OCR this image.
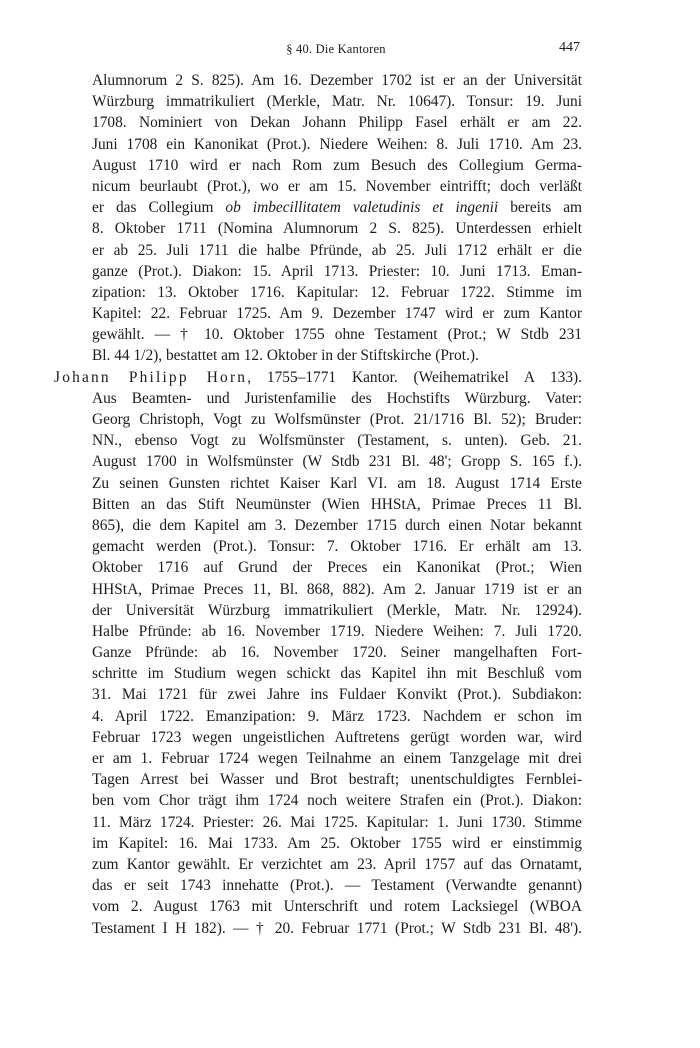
§ 40. Die Kantoren	447
Alumnorum 2 S. 825). Am 16. Dezember 1702 ist er an der Universität
Würzburg immatrikuliert (Merkle, Matr. Nr. 10647). Tonsur: 19. Juni
1708. Nominiert von Dekan Johann Philipp Fasel erhält er am 22.
Juni 1708 ein Kanonikat (Prot.). Niedere Weihen: 8. Juli 1710. Am 23.
August 1710 wird er nach Rom zum Besuch des Collegium Germa-
nicum beurlaubt (Prot.), wo er am 15. November eintrifft; doch verläßt
er das Collegium ob imbecillitatem valetudinis et ingenii bereits am
8. Oktober 1711 (Nomina Alumnorum 2 S. 825). Unterdessen erhielt
er ab 25. Juli 1711 die halbe Pfründe, ab 25. Juli 1712 erhält er die
ganze (Prot.). Diakon: 15. April 1713. Priester: 10. Juni 1713. Eman-
zipation: 13. Oktober 1716. Kapitular: 12. Februar 1722. Stimme im
Kapitel: 22. Februar 1725. Am 9. Dezember 1747 wird er zum Kantor
gewählt. — † 10. Oktober 1755 ohne Testament (Prot.; W Stdb 231
Bl. 44 1/2), bestattet am 12. Oktober in der Stiftskirche (Prot.).
Johann Philipp Horn, 1755–1771 Kantor. (Weihematrikel A 133).
Aus Beamten- und Juristenfamilie des Hochstifts Würzburg. Vater:
Georg Christoph, Vogt zu Wolfsmünster (Prot. 21/1716 Bl. 52); Bruder:
NN., ebenso Vogt zu Wolfsmünster (Testament, s. unten). Geb. 21.
August 1700 in Wolfsmünster (W Stdb 231 Bl. 48'; Gropp S. 165 f.).
Zu seinen Gunsten richtet Kaiser Karl VI. am 18. August 1714 Erste
Bitten an das Stift Neumünster (Wien HHStA, Primae Preces 11 Bl.
865), die dem Kapitel am 3. Dezember 1715 durch einen Notar bekannt
gemacht werden (Prot.). Tonsur: 7. Oktober 1716. Er erhält am 13.
Oktober 1716 auf Grund der Preces ein Kanonikat (Prot.; Wien
HHStA, Primae Preces 11, Bl. 868, 882). Am 2. Januar 1719 ist er an
der Universität Würzburg immatrikuliert (Merkle, Matr. Nr. 12924).
Halbe Pfründe: ab 16. November 1719. Niedere Weihen: 7. Juli 1720.
Ganze Pfründe: ab 16. November 1720. Seiner mangelhaften Fort-
schritte im Studium wegen schickt das Kapitel ihn mit Beschluß vom
31. Mai 1721 für zwei Jahre ins Fuldaer Konvikt (Prot.). Subdiakon:
4. April 1722. Emanzipation: 9. März 1723. Nachdem er schon im
Februar 1723 wegen ungeistlichen Auftretens gerügt worden war, wird
er am 1. Februar 1724 wegen Teilnahme an einem Tanzgelage mit drei
Tagen Arrest bei Wasser und Brot bestraft; unentschuldigtes Fernblei-
ben vom Chor trägt ihm 1724 noch weitere Strafen ein (Prot.). Diakon:
11. März 1724. Priester: 26. Mai 1725. Kapitular: 1. Juni 1730. Stimme
im Kapitel: 16. Mai 1733. Am 25. Oktober 1755 wird er einstimmig
zum Kantor gewählt. Er verzichtet am 23. April 1757 auf das Ornatamt,
das er seit 1743 innehatte (Prot.). — Testament (Verwandte genannt)
vom 2. August 1763 mit Unterschrift und rotem Lacksiegel (WBOA
Testament I H 182). — † 20. Februar 1771 (Prot.; W Stdb 231 Bl. 48').
